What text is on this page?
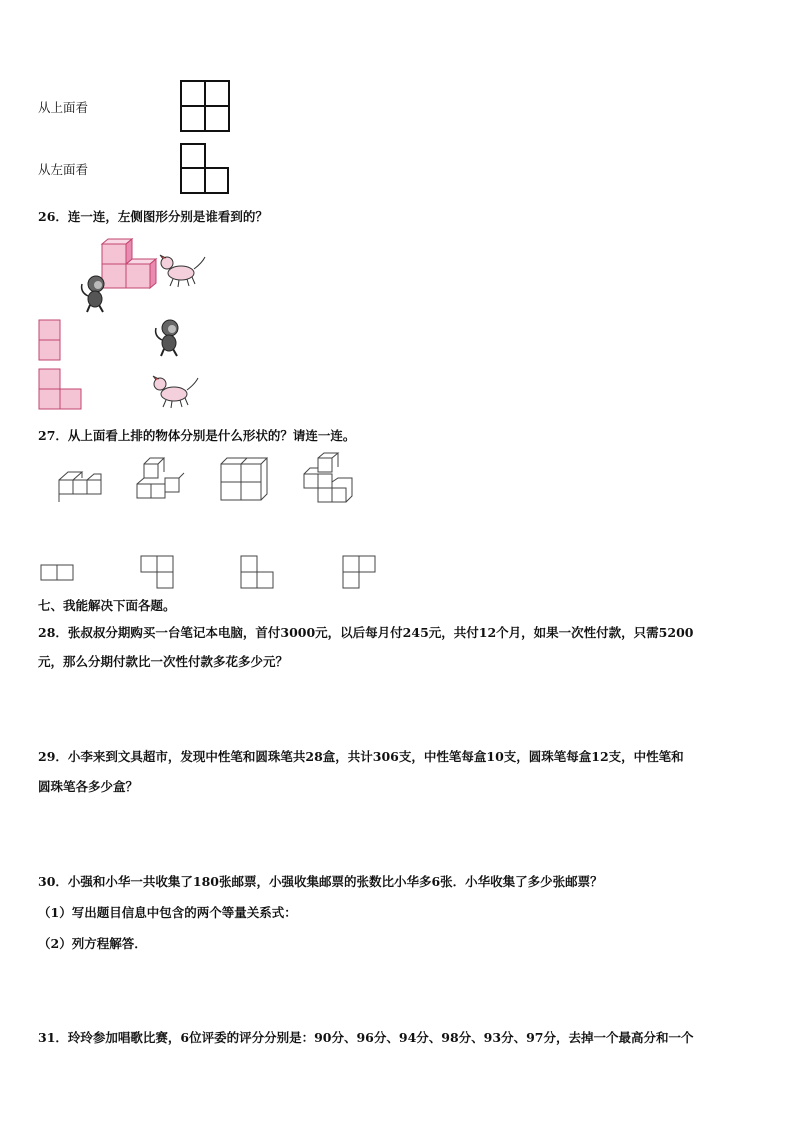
从上面看
从左面看
26．连一连，左侧图形分别是谁看到的？
27．从上面看上排的物体分别是什么形状的？请连一连。
七、我能解决下面各题。
28．张叔叔分期购买一台笔记本电脑，首付3000元，以后每月付245元，共付12个月，如果一次性付款，只需5200
元，那么分期付款比一次性付款多花多少元？
29．小李来到文具超市，发现中性笔和圆珠笔共28盒，共计306支，中性笔每盒10支，圆珠笔每盒12支，中性笔和
圆珠笔各多少盒？
30．小强和小华一共收集了180张邮票，小强收集邮票的张数比小华多6张．小华收集了多少张邮票？
（1）写出题目信息中包含的两个等量关系式：
（2）列方程解答．
31．玲玲参加唱歌比赛，6位评委的评分分别是：90分、96分、94分、98分、93分、97分，去掉一个最高分和一个
